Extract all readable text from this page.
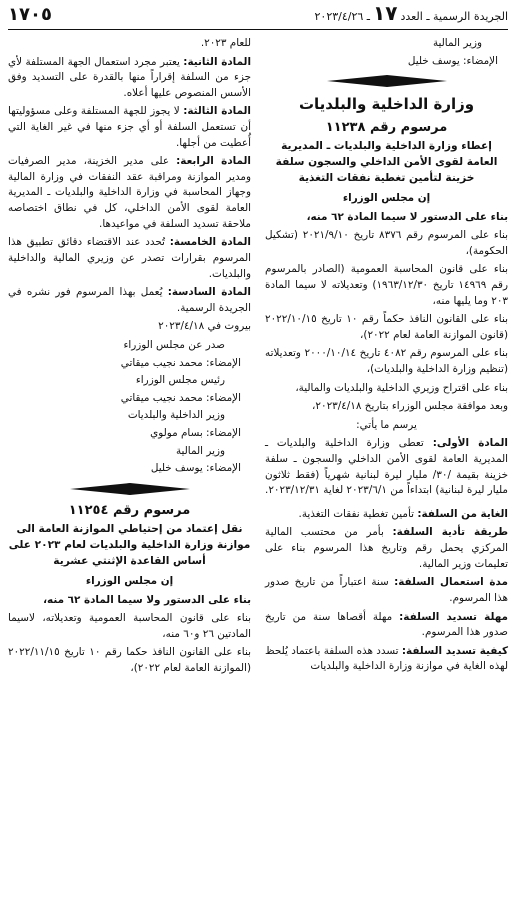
الجريدة الرسمية ـ العدد١٧ـ ٢٠٢٣/٤/٢٦
١٧٠٥

وزير المالية

الإمضاء: يوسف خليل

وزارة الداخلية والبلديات
مرسوم رقم ١١٢٣٨
إعطاء وزارة الداخلية والبلديات ـ المديرية العامة لقوى الأمن الداخلي والسجون سلفة خزينة لتأمين تغطية نفقات التغذية

إن مجلس الوزراء

بناء على الدستور لا سيما المادة ٦٢ منه،

بناء على المرسوم رقم ٨٣٧٦ تاريخ ٢٠٢١/٩/١٠ (تشكيل الحكومة)،

بناء على قانون المحاسبة العمومية (الصادر بالمرسوم رقم ١٤٩٦٩ تاريخ ١٩٦٣/١٢/٣٠) وتعديلاته لا سيما المادة ٢٠٣ وما يليها منه،

بناء على القانون النافذ حكماً رقم ١٠ تاريخ ٢٠٢٢/١٠/١٥ (قانون الموازنة العامة لعام ٢٠٢٢)،

بناء على المرسوم رقم ٤٠٨٢ تاريخ ٢٠٠٠/١٠/١٤ وتعديلاته (تنظيم وزارة الداخلية والبلديات)،

بناء على اقتراح وزيري الداخلية والبلديات والمالية،

وبعد موافقة مجلس الوزراء بتاريخ ٢٠٢٣/٤/١٨،

يرسم ما يأتي:

المادة الأولى: تعطى وزارة الداخلية والبلديات ـ المديرية العامة لقوى الأمن الداخلي والسجون ـ سلفة خزينة بقيمة /٣٠/ مليار ليرة لبنانية شهرياً (فقط ثلاثون مليار ليرة لبنانية) ابتداءاً من ٢٠٢٣/٦/١ لغاية ٢٠٢٣/١٢/٣١.

الغاية من السلفة: تأمين تغطية نفقات التغذية.

طريقة تأدية السلفة: بأمر من محتسب المالية المركزي يحمل رقم وتاريخ هذا المرسوم بناء على تعليمات وزير المالية.

مدة استعمال السلفة: سنة اعتباراً من تاريخ صدور هذا المرسوم.

مهلة تسديد السلفة: مهلة أقصاها سنة من تاريخ صدور هذا المرسوم.

كيفية تسديد السلفة: تسدد هذه السلفة باعتماد يُلحظ لهذه الغاية في موازنة وزارة الداخلية والبلديات

للعام ٢٠٢٣.

المادة الثانية: يعتبر مجرد استعمال الجهة المستلفة لأي جزء من السلفة إقراراً منها بالقدرة على التسديد وفق الأسس المنصوص عليها أعلاه.

المادة الثالثة: لا يجوز للجهة المستلفة وعلى مسؤوليتها أن تستعمل السلفة أو أي جزء منها في غير الغاية التي أُعطيت من أجلها.

المادة الرابعة: على مدير الخزينة، مدير الصرفيات ومدير الموازنة ومراقبة عقد النفقات في وزارة المالية وجهاز المحاسبة في وزارة الداخلية والبلديات ـ المديرية العامة لقوى الأمن الداخلي، كل في نطاق اختصاصه ملاحقة تسديد السلفة في مواعيدها.

المادة الخامسة: تُحدد عند الاقتضاء دقائق تطبيق هذا المرسوم بقرارات تصدر عن وزيري المالية والداخلية والبلديات.

المادة السادسة: يُعمل بهذا المرسوم فور نشره في الجريدة الرسمية.

بيروت في ٢٠٢٣/٤/١٨

صدر عن مجلس الوزراء

الإمضاء: محمد نجيب ميقاتي

رئيس مجلس الوزراء

الإمضاء: محمد نجيب ميقاتي

وزير الداخلية والبلديات

الإمضاء: بسام مولوي

وزير المالية

الإمضاء: يوسف خليل

مرسوم رقم ١١٢٥٤
نقل إعتماد من إحتياطي الموازنة العامة الى موازنة وزارة الداخلية والبلديات لعام ٢٠٢٣ على أساس القاعدة الإثنتي عشرية

إن مجلس الوزراء

بناء على الدستور ولا سيما المادة ٦٢ منه،

بناء على قانون المحاسبة العمومية وتعديلاته، لاسيما المادتين ٢٦ و٦٠ منه،

بناء على القانون النافذ حكما رقم ١٠ تاريخ ٢٠٢٢/١١/١٥ (الموازنة العامة لعام ٢٠٢٢)،
